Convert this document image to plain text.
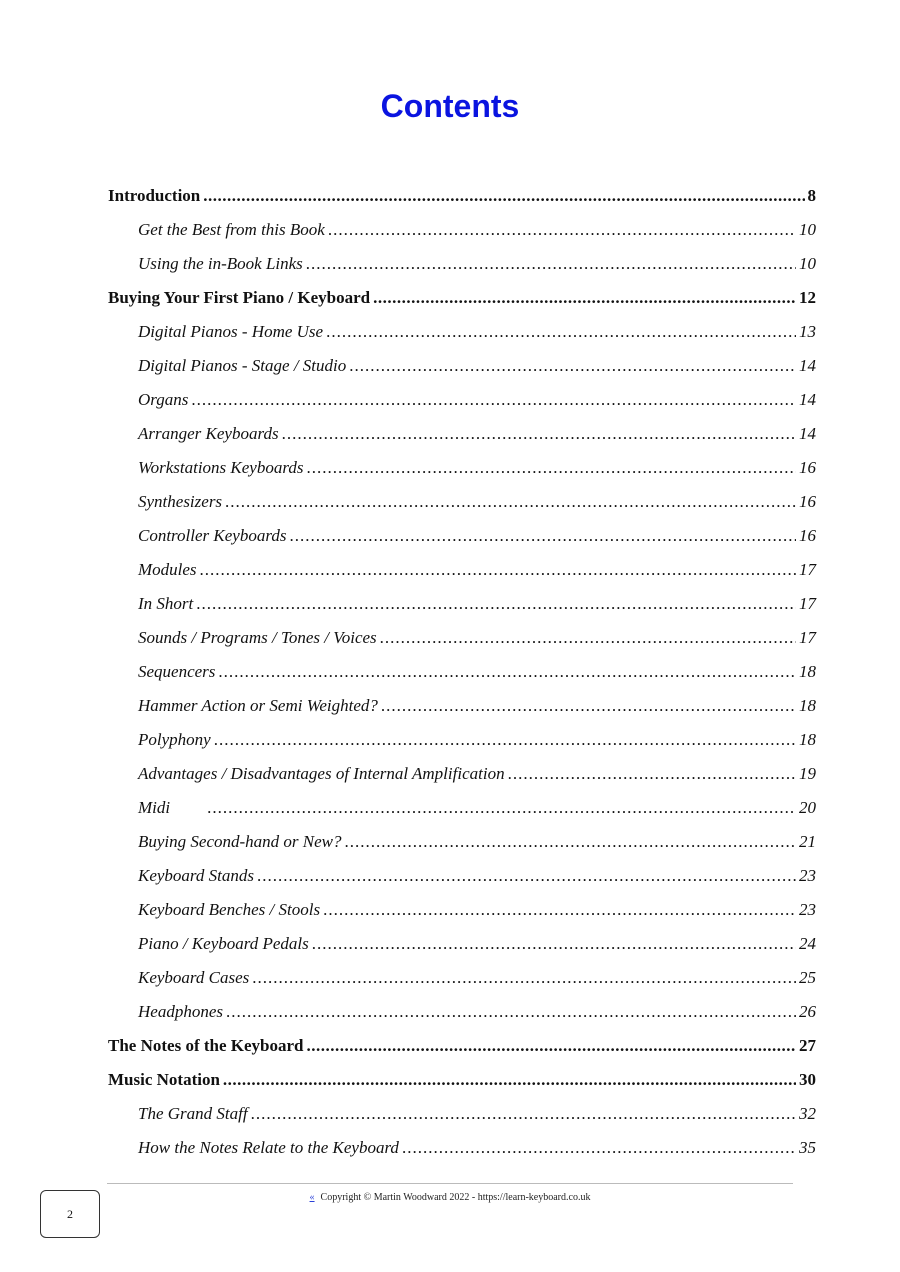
Contents
Introduction .....	8
Get the Best from this Book .....	10
Using the in-Book Links .....	10
Buying Your First Piano / Keyboard .....	12
Digital Pianos - Home Use .....	13
Digital Pianos - Stage / Studio .....	14
Organs .....	14
Arranger Keyboards .....	14
Workstations Keyboards .....	16
Synthesizers .....	16
Controller Keyboards .....	16
Modules .....	17
In Short .....	17
Sounds / Programs / Tones / Voices .....	17
Sequencers .....	18
Hammer Action or Semi Weighted? .....	18
Polyphony .....	18
Advantages / Disadvantages of Internal Amplification .....	19
Midi .....	20
Buying Second-hand or New? .....	21
Keyboard Stands .....	23
Keyboard Benches / Stools .....	23
Piano / Keyboard Pedals .....	24
Keyboard Cases .....	25
Headphones .....	26
The Notes of the Keyboard .....	27
Music Notation .....	30
The Grand Staff .....	32
How the Notes Relate to the Keyboard .....	35
« Copyright © Martin Woodward 2022 - https://learn-keyboard.co.uk
2
